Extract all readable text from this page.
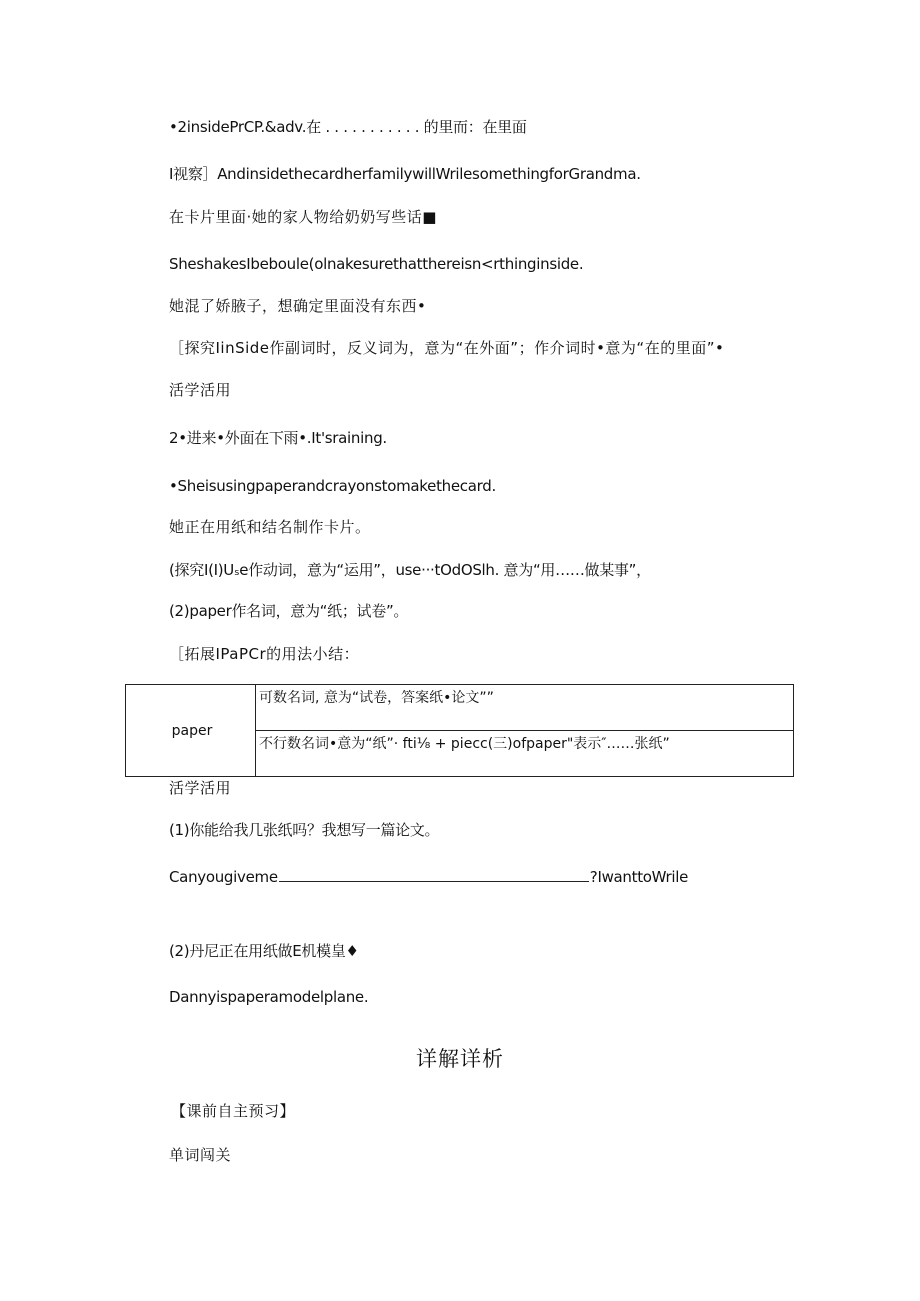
•2insidePrCP.&adv.在 . . . . . . . . . . . 的里而：在里面
I视察］AndinsidethecardherfamilywillWrilesomethingforGrandma.
在卡片里面·她的家人物给奶奶写些话■
SheshakesIbeboule(olnakesurethatthereisn<rthinginside.
她混了娇腋子，想确定里面没有东西•
［探究IinSide作副词时，反义词为，意为“在外面”；作介词时•意为“在的里面”•
活学活用
2•进来•外面在下雨•.It'sraining.
•Sheisusingpaperandcrayonstomakethecard.
她正在用纸和结名制作卡片。
(探究I(I)Uₛe作动词，意为“运用”，use···tOdOSlh. 意为“用……做某事”，
(2)paper作名词，意为“纸；试卷”。
［拓展IPaPCr的用法小结：
paper	可数名词, 意为“试卷，答案纸•论文””
不行数名词•意为“纸”· fti⅛ + piecc(三)ofpaper"表示″……张纸”
活学活用
(1)你能给我几张纸吗？我想写一篇论文。
Canyougiveme	?IwanttoWrile
(2)丹尼正在用纸做E机模皇♦
Dannyispaperamodelplane.
详解详析
【课前自主预习】
单词闯关
